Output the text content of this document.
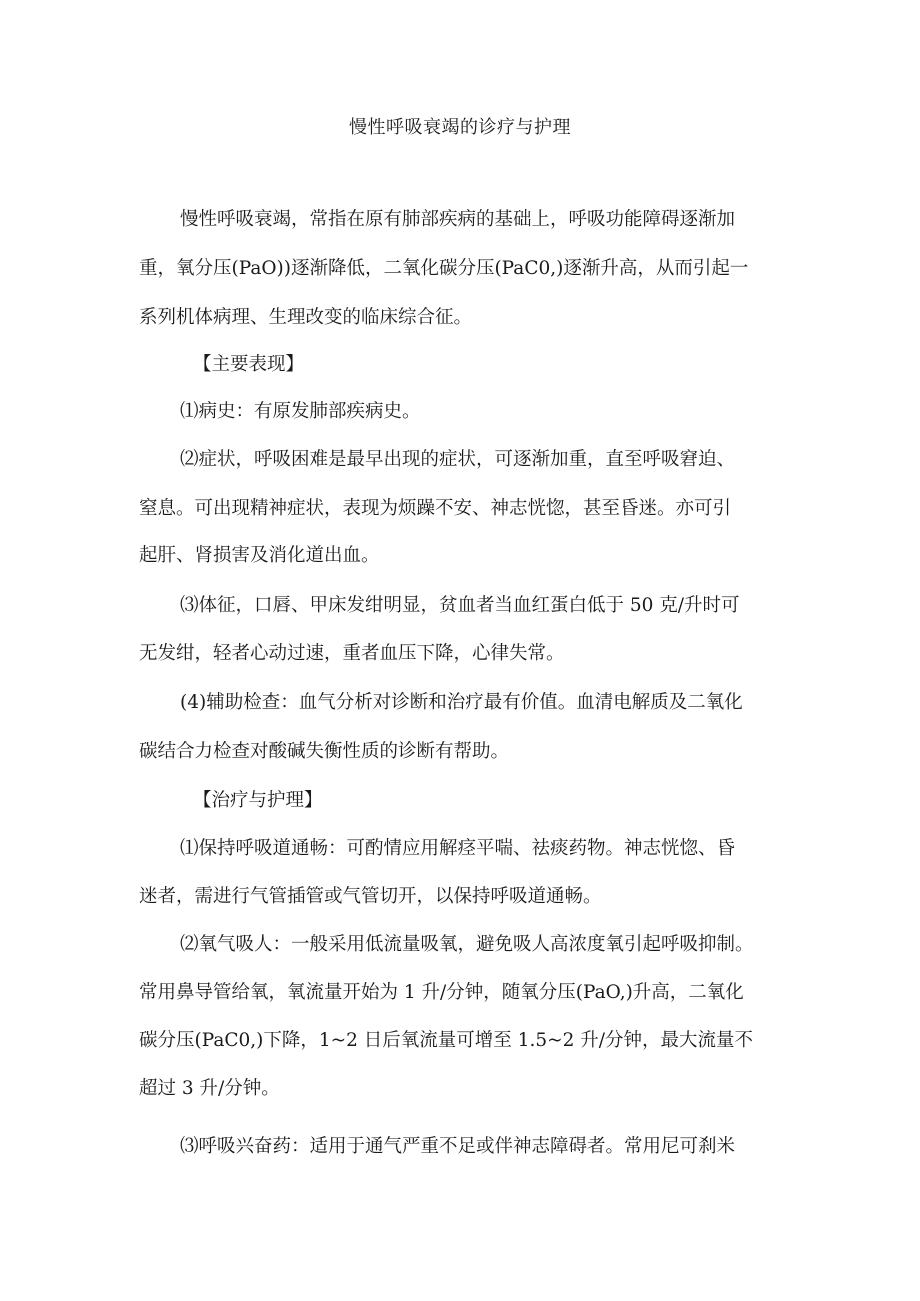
慢性呼吸衰竭的诊疗与护理
慢性呼吸衰竭，常指在原有肺部疾病的基础上，呼吸功能障碍逐渐加
重，氧分压(PaO))逐渐降低，二氧化碳分压(PaC0,)逐渐升高，从而引起一
系列机体病理、生理改变的临床综合征。
【主要表现】
⑴病史：有原发肺部疾病史。
⑵症状，呼吸困难是最早出现的症状，可逐渐加重，直至呼吸窘迫、
窒息。可出现精神症状，表现为烦躁不安、神志恍惚，甚至昏迷。亦可引
起肝、肾损害及消化道出血。
⑶体征，口唇、甲床发绀明显，贫血者当血红蛋白低于 50 克/升时可
无发绀，轻者心动过速，重者血压下降，心律失常。
(4)辅助检查：血气分析对诊断和治疗最有价值。血清电解质及二氧化
碳结合力检查对酸碱失衡性质的诊断有帮助。
【治疗与护理】
⑴保持呼吸道通畅：可酌情应用解痉平喘、祛痰药物。神志恍惚、昏
迷者，需进行气管插管或气管切开，以保持呼吸道通畅。
⑵氧气吸人：一般采用低流量吸氧，避免吸人高浓度氧引起呼吸抑制。
常用鼻导管给氧，氧流量开始为 1 升/分钟，随氧分压(PaO,)升高，二氧化
碳分压(PaC0,)下降，1~2 日后氧流量可增至 1.5~2 升/分钟，最大流量不
超过 3 升/分钟。
⑶呼吸兴奋药：适用于通气严重不足或伴神志障碍者。常用尼可刹米
